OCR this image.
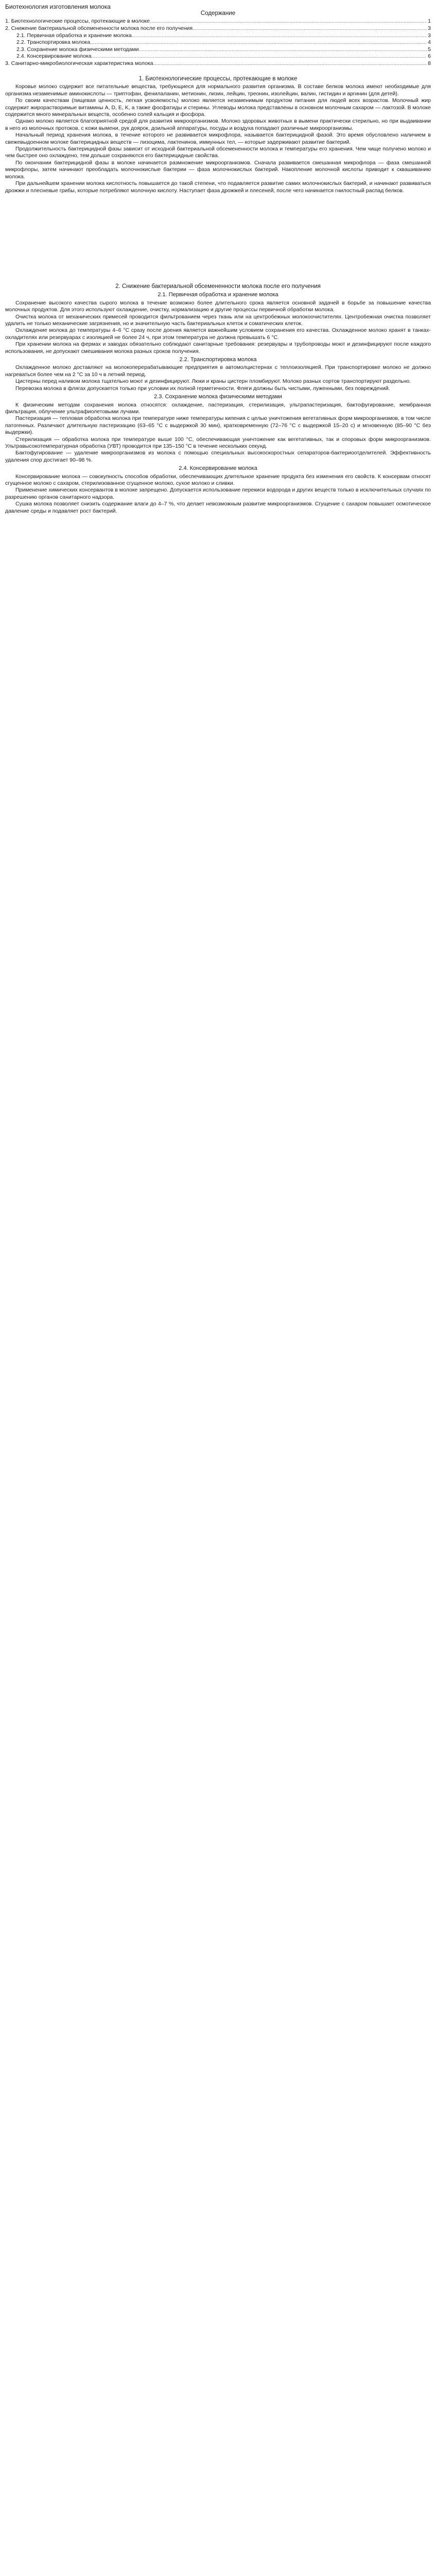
Биотехнология изготовления молока

Содержание

1. Биотехнологические процессы, протекающие в молоке .....	1
2. Снижение бактериальной обсемененности молока после его получения .....	3
2.1. Первичная обработка и хранение молока .....	3
2.2. Транспортировка молока .....	4
2.3. Сохранение молока физическими методами .....	5
2.4. Консервирование молока .....	6
3. Санитарно-микробиологическая характеристика молока .....	8
1. Биотехнологические процессы, протекающие в молоке

Коровье молоко содержит все питательные вещества, требующиеся для нормального развития организма. В составе белков молока имеют необходимые для организма незаменимые аминокислоты — триптофан, фенилаланин, метионин, лизин, лейцин, треонин, изолейцин, валин, гистидин и аргинин (для детей).

По своим качествам (пищевая ценность, легкая усвояемость) молоко является незаменимым продуктом питания для людей всех возрастов. Молочный жир содержит жирорастворимые витамины A, D, E, K, а также фосфатиды и стерины. Углеводы молока представлены в основном молочным сахаром — лактозой. В молоке содержится много минеральных веществ, особенно солей кальция и фосфора.

Однако молоко является благоприятной средой для развития микроорганизмов. Молоко здоровых животных в вымени практически стерильно, но при выдаивании в него из молочных протоков, с кожи вымени, рук доярок, доильной аппаратуры, посуды и воздуха попадают различные микроорганизмы.

Начальный период хранения молока, в течение которого не развивается микрофлора, называется бактерицидной фазой. Это время обусловлено наличием в свежевыдоенном молоке бактерицидных веществ — лизоцима, лактенинов, иммунных тел, — которые задерживают развитие бактерий.

Продолжительность бактерицидной фазы зависит от исходной бактериальной обсемененности молока и температуры его хранения. Чем чище получено молоко и чем быстрее оно охлаждено, тем дольше сохраняются его бактерицидные свойства.

По окончании бактерицидной фазы в молоке начинается размножение микроорганизмов. Сначала развивается смешанная микрофлора — фаза смешанной микрофлоры, затем начинают преобладать молочнокислые бактерии — фаза молочнокислых бактерий. Накопление молочной кислоты приводит к сквашиванию молока.

При дальнейшем хранении молока кислотность повышается до такой степени, что подавляется развитие самих молочнокислых бактерий, и начинают развиваться дрожжи и плесневые грибы, которые потребляют молочную кислоту. Наступает фаза дрожжей и плесеней, после чего начинается гнилостный распад белков.

2. Снижение бактериальной обсемененности молока после его получения
2.1. Первичная обработка и хранение молока

Сохранение высокого качества сырого молока в течение возможно более длительного срока является основной задачей в борьбе за повышение качества молочных продуктов. Для этого используют охлаждение, очистку, нормализацию и другие процессы первичной обработки молока.

Очистка молока от механических примесей проводится фильтрованием через ткань или на центробежных молокоочистителях. Центробежная очистка позволяет удалить не только механические загрязнения, но и значительную часть бактериальных клеток и соматических клеток.

Охлаждение молока до температуры 4–6 °C сразу после доения является важнейшим условием сохранения его качества. Охлажденное молоко хранят в танках-охладителях или резервуарах с изоляцией не более 24 ч, при этом температура не должна превышать 6 °C.

При хранении молока на фермах и заводах обязательно соблюдают санитарные требования: резервуары и трубопроводы моют и дезинфицируют после каждого использования, не допускают смешивания молока разных сроков получения.

2.2. Транспортировка молока

Охлажденное молоко доставляют на молокоперерабатывающие предприятия в автомолцистернах с теплоизоляцией. При транспортировке молоко не должно нагреваться более чем на 2 °C за 10 ч в летний период.

Цистерны перед наливом молока тщательно моют и дезинфицируют. Люки и краны цистерн пломбируют. Молоко разных сортов транспортируют раздельно.

Перевозка молока в флягах допускается только при условии их полной герметичности. Фляги должны быть чистыми, луженными, без повреждений.

2.3. Сохранение молока физическими методами

К физическим методам сохранения молока относятся: охлаждение, пастеризация, стерилизация, ультрапастеризация, бактофугирование, мембранная фильтрация, облучение ультрафиолетовыми лучами.

Пастеризация — тепловая обработка молока при температуре ниже температуры кипения с целью уничтожения вегетативных форм микроорганизмов, в том числе патогенных. Различают длительную пастеризацию (63–65 °C с выдержкой 30 мин), кратковременную (72–76 °C с выдержкой 15–20 с) и мгновенную (85–90 °C без выдержки).

Стерилизация — обработка молока при температуре выше 100 °C, обеспечивающая уничтожение как вегетативных, так и споровых форм микроорганизмов. Ультравысокотемпературная обработка (УВТ) проводится при 135–150 °C в течение нескольких секунд.

Бактофугирование — удаление микроорганизмов из молока с помощью специальных высокоскоростных сепараторов-бактериоотделителей. Эффективность удаления спор достигает 90–98 %.

2.4. Консервирование молока

Консервирование молока — совокупность способов обработки, обеспечивающих длительное хранение продукта без изменения его свойств. К консервам относят сгущенное молоко с сахаром, стерилизованное сгущенное молоко, сухое молоко и сливки.

Применение химических консервантов в молоке запрещено. Допускается использование перекиси водорода и других веществ только в исключительных случаях по разрешению органов санитарного надзора.

Сушка молока позволяет снизить содержание влаги до 4–7 %, что делает невозможным развитие микроорганизмов. Сгущение с сахаром повышает осмотическое давление среды и подавляет рост бактерий.
